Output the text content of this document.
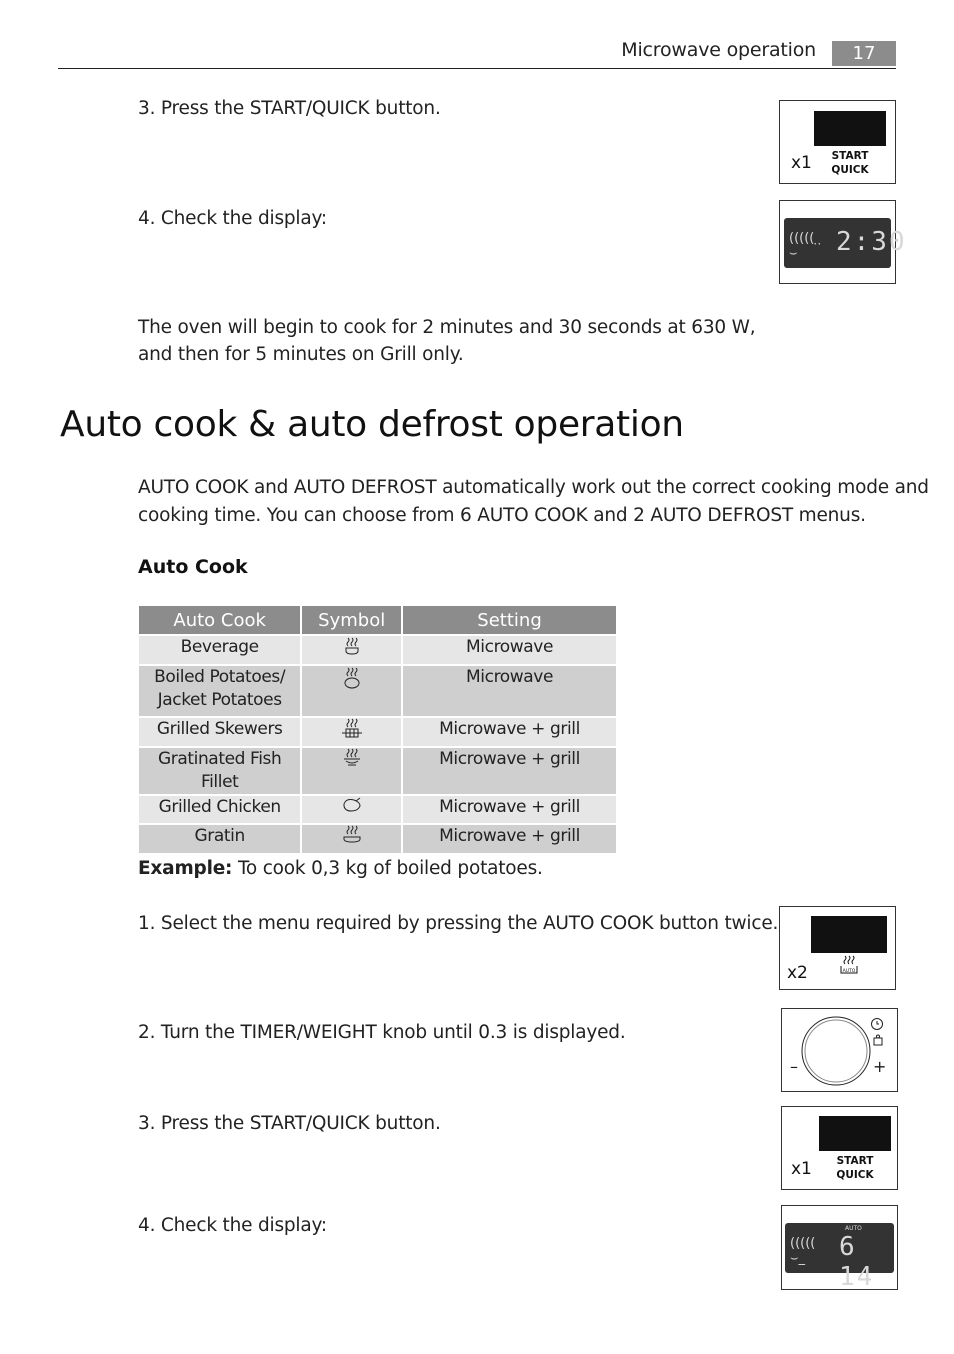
Microwave operation	17
3. Press the START/QUICK button.
4. Check the display:
The oven will begin to cook for 2 minutes and 30 seconds at 630 W,
and then for 5 minutes on Grill only.
x1	START
QUICK
((((( ̣ ̣
⌣	2:30
Auto cook & auto defrost operation
AUTO COOK and AUTO DEFROST automatically work out the correct cooking mode and
cooking time. You can choose from 6 AUTO COOK and 2 AUTO DEFROST menus.
Auto Cook
Auto Cook	Symbol	Setting
Beverage		Microwave

Boiled Potatoes/
Jacket Potatoes		Microwave
Grilled Skewers		Microwave + grill
Gratinated Fish Fillet		Microwave + grill
Grilled Chicken		Microwave + grill
Gratin		Microwave + grill
Example: To cook 0,3 kg of boiled potatoes.
1. Select the menu required by pressing the AUTO COOK button twice.
2. Turn the TIMER/WEIGHT knob until 0.3 is displayed.
3. Press the START/QUICK button.
4. Check the display:
x2	AUTO
–	+
x1	START
QUICK
(((((
⌣_
AUTO
6 14
